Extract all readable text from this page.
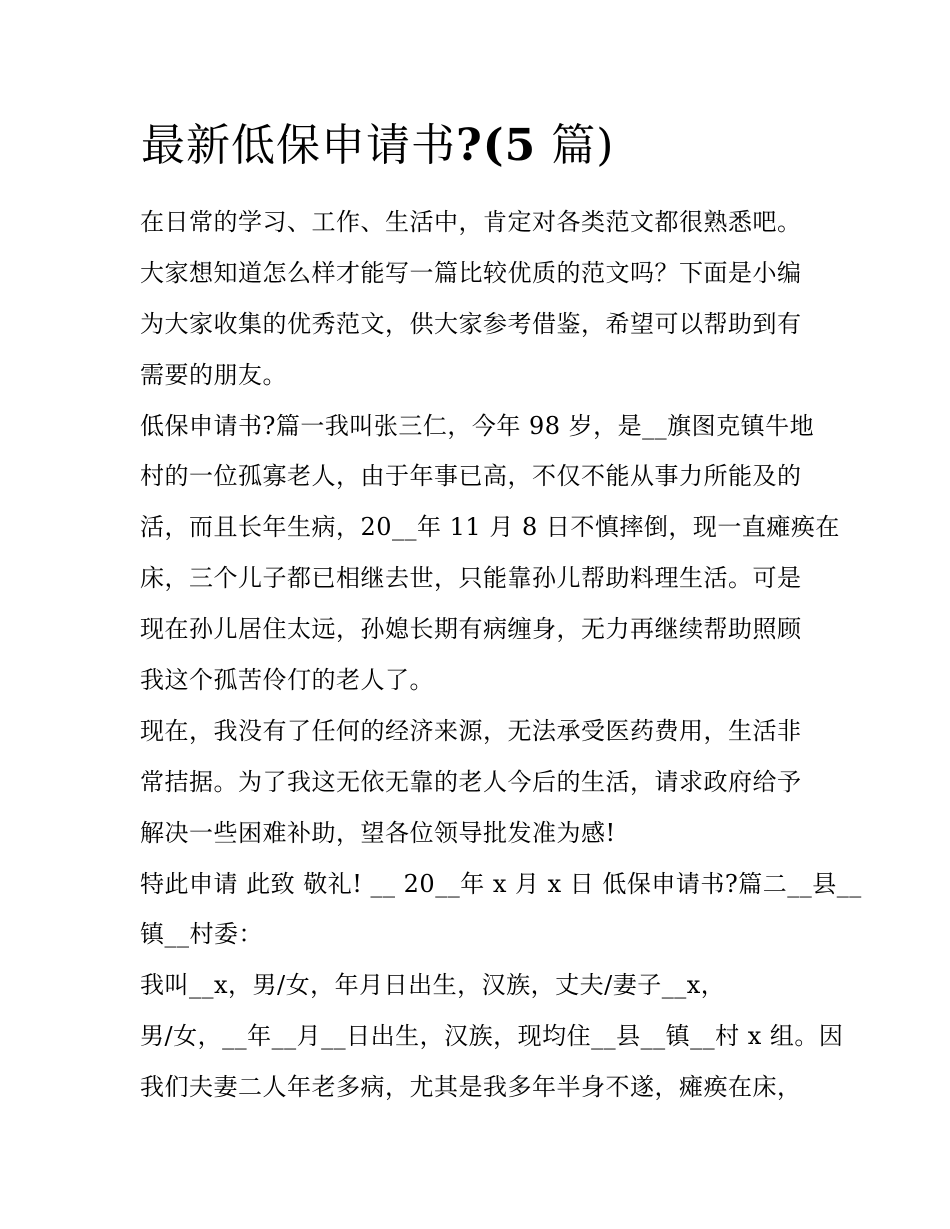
最新低保申请书?(5 篇)
在日常的学习、工作、生活中，肯定对各类范文都很熟悉吧。
大家想知道怎么样才能写一篇比较优质的范文吗？下面是小编
为大家收集的优秀范文，供大家参考借鉴，希望可以帮助到有
需要的朋友。
低保申请书?篇一我叫张三仁，今年 98 岁，是__旗图克镇牛地
村的一位孤寡老人，由于年事已高，不仅不能从事力所能及的
活，而且长年生病，20__年 11 月 8 日不慎摔倒，现一直瘫痪在
床，三个儿子都已相继去世，只能靠孙儿帮助料理生活。可是
现在孙儿居住太远，孙媳长期有病缠身，无力再继续帮助照顾
我这个孤苦伶仃的老人了。
现在，我没有了任何的经济来源，无法承受医药费用，生活非
常拮据。为了我这无依无靠的老人今后的生活，请求政府给予
解决一些困难补助，望各位领导批发准为感!
特此申请 此致 敬礼! __ 20__年 x 月 x 日 低保申请书?篇二__县__
镇__村委：
我叫__x，男/女，年月日出生，汉族，丈夫/妻子__x，
男/女，__年__月__日出生，汉族，现均住__县__镇__村 x 组。因
我们夫妻二人年老多病，尤其是我多年半身不遂，瘫痪在床，
